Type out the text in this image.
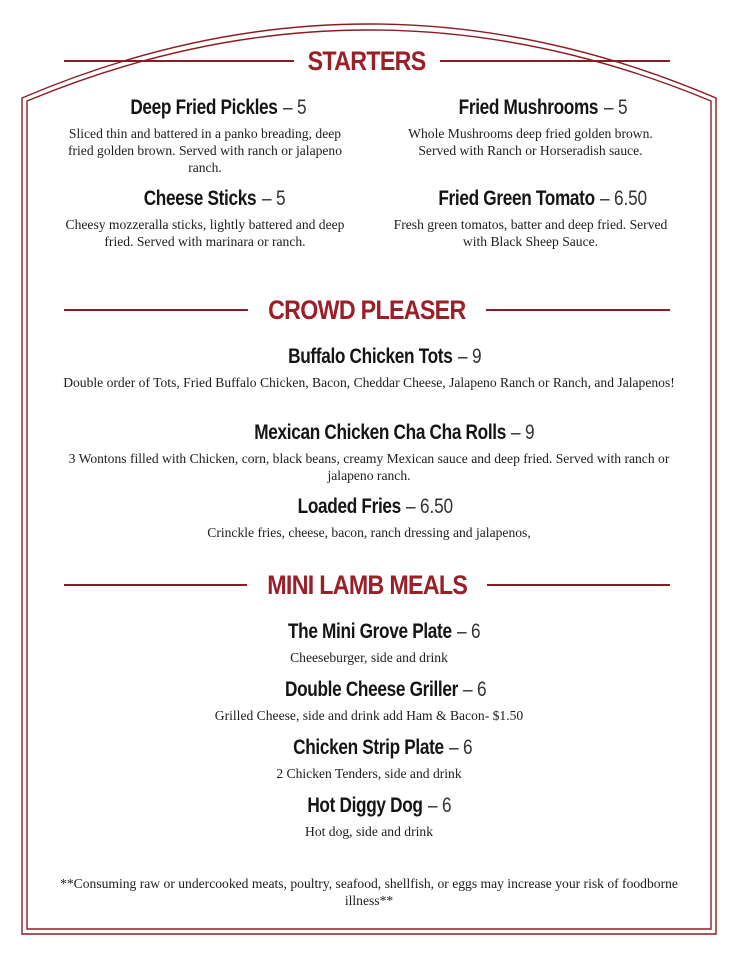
STARTERS
Deep Fried Pickles – 5
Sliced thin and battered in a panko breading, deep fried golden brown. Served with ranch or jalapeno ranch.
Fried Mushrooms – 5
Whole Mushrooms deep fried golden brown. Served with Ranch or Horseradish sauce.
Cheese Sticks – 5
Cheesy mozzeralla sticks, lightly battered and deep fried. Served with marinara or ranch.
Fried Green Tomato – 6.50
Fresh green tomatos, batter and deep fried. Served with Black Sheep Sauce.
CROWD PLEASER
Buffalo Chicken Tots – 9
Double order of Tots, Fried Buffalo Chicken, Bacon, Cheddar Cheese, Jalapeno Ranch or Ranch, and Jalapenos!
Mexican Chicken Cha Cha Rolls – 9
3 Wontons filled with Chicken, corn, black beans, creamy Mexican sauce and deep fried. Served with ranch or jalapeno ranch.
Loaded Fries – 6.50
Crinckle fries, cheese, bacon, ranch dressing and jalapenos,
MINI LAMB MEALS
The Mini Grove Plate – 6
Cheeseburger, side and drink
Double Cheese Griller – 6
Grilled Cheese, side and drink add Ham & Bacon- $1.50
Chicken Strip Plate – 6
2 Chicken Tenders, side and drink
Hot Diggy Dog – 6
Hot dog, side and drink
**Consuming raw or undercooked meats, poultry, seafood, shellfish, or eggs may increase your risk of foodborne illness**
